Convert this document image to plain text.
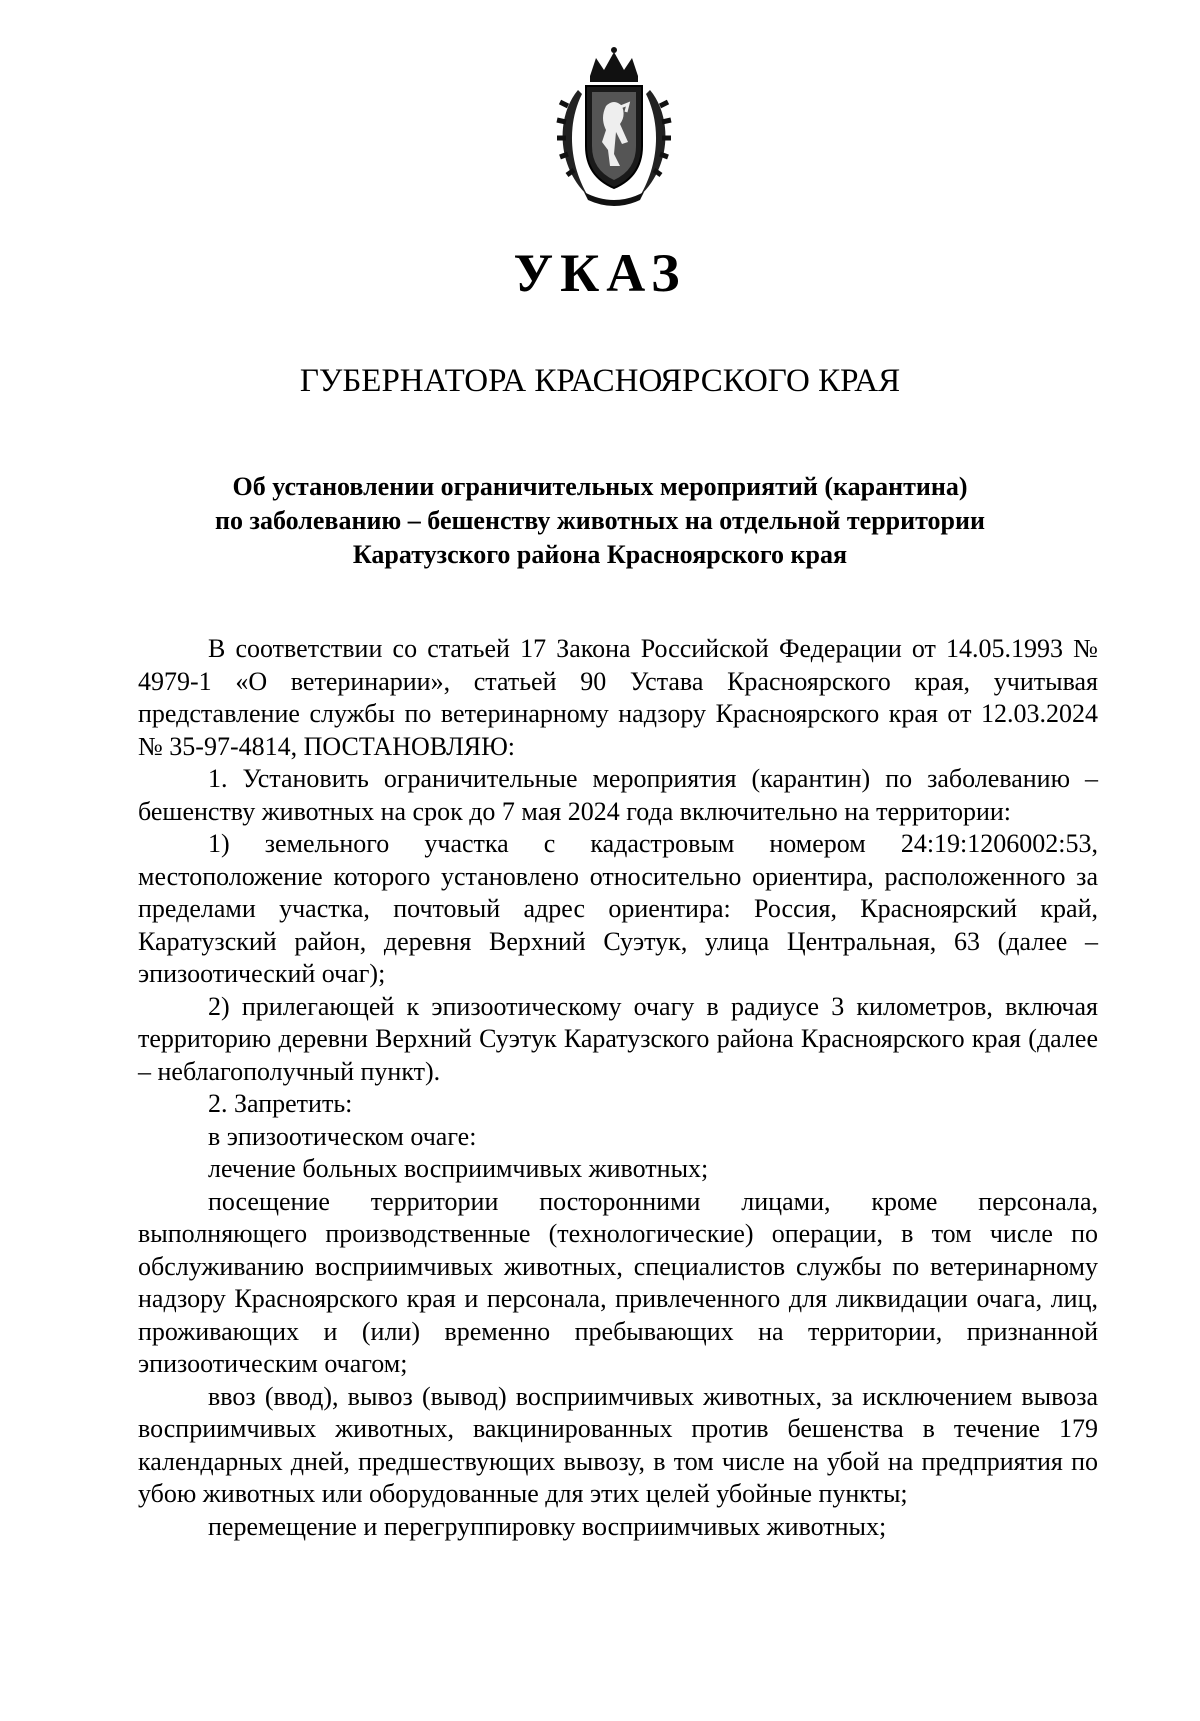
УКАЗ
ГУБЕРНАТОРА КРАСНОЯРСКОГО КРАЯ
Об установлении ограничительных мероприятий (карантина)
по заболеванию – бешенству животных на отдельной территории
Каратузского района Красноярского края
В соответствии со статьей 17 Закона Российской Федерации от 14.05.1993 № 4979-1 «О ветеринарии», статьей 90 Устава Красноярского края, учитывая представление службы по ветеринарному надзору Красноярского края от 12.03.2024 № 35-97-4814, ПОСТАНОВЛЯЮ:
1. Установить ограничительные мероприятия (карантин) по заболеванию – бешенству животных на срок до 7 мая 2024 года включительно на территории:
1) земельного участка с кадастровым номером 24:19:1206002:53, местоположение которого установлено относительно ориентира, расположенного за пределами участка, почтовый адрес ориентира: Россия, Красноярский край, Каратузский район, деревня Верхний Суэтук, улица Центральная, 63 (далее – эпизоотический очаг);
2) прилегающей к эпизоотическому очагу в радиусе 3 километров, включая территорию деревни Верхний Суэтук Каратузского района Красноярского края (далее – неблагополучный пункт).
2. Запретить:
в эпизоотическом очаге:
лечение больных восприимчивых животных;
посещение территории посторонними лицами, кроме персонала, выполняющего производственные (технологические) операции, в том числе по обслуживанию восприимчивых животных, специалистов службы по ветеринарному надзору Красноярского края и персонала, привлеченного для ликвидации очага, лиц, проживающих и (или) временно пребывающих на территории, признанной эпизоотическим очагом;
ввоз (ввод), вывоз (вывод) восприимчивых животных, за исключением вывоза восприимчивых животных, вакцинированных против бешенства в течение 179 календарных дней, предшествующих вывозу, в том числе на убой на предприятия по убою животных или оборудованные для этих целей убойные пункты;
перемещение и перегруппировку восприимчивых животных;
